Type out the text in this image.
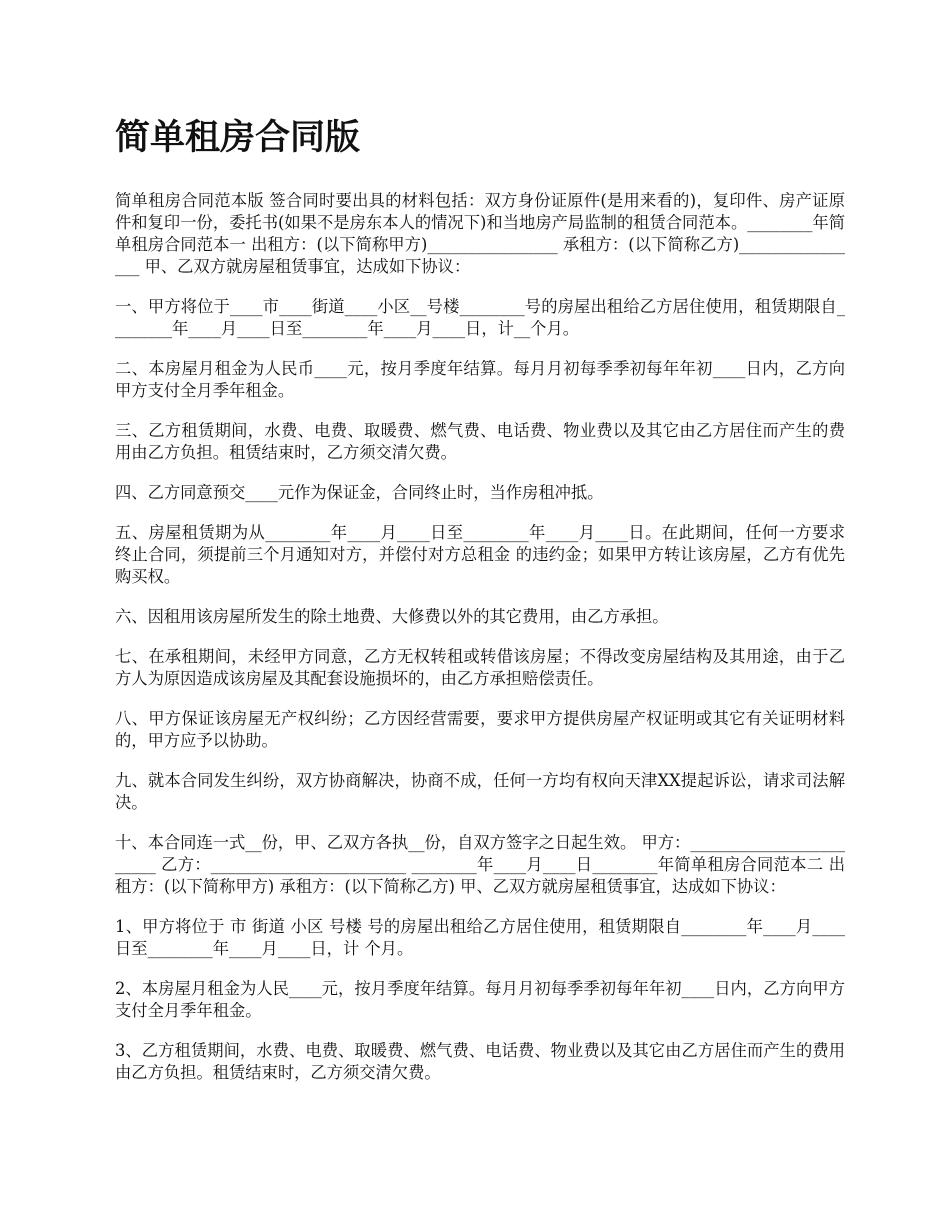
简单租房合同版

简单租房合同范本版 签合同时要出具的材料包括：双方身份证原件(是用来看的)，复印件、房产证原件和复印一份，委托书(如果不是房东本人的情况下)和当地房产局监制的租赁合同范本。________年简单租房合同范本一 出租方：(以下简称甲方)________________ 承租方：(以下简称乙方)________________ 甲、乙双方就房屋租赁事宜，达成如下协议：

一、甲方将位于____市____街道____小区__号楼________号的房屋出租给乙方居住使用，租赁期限自________年____月____日至________年____月____日，计__个月。

二、本房屋月租金为人民币____元，按月季度年结算。每月月初每季季初每年年初____日内，乙方向甲方支付全月季年租金。

三、乙方租赁期间，水费、电费、取暖费、燃气费、电话费、物业费以及其它由乙方居住而产生的费用由乙方负担。租赁结束时，乙方须交清欠费。

四、乙方同意预交____元作为保证金，合同终止时，当作房租冲抵。

五、房屋租赁期为从________年____月____日至________年____月____日。在此期间，任何一方要求终止合同，须提前三个月通知对方，并偿付对方总租金 的违约金；如果甲方转让该房屋，乙方有优先购买权。

六、因租用该房屋所发生的除土地费、大修费以外的其它费用，由乙方承担。

七、在承租期间，未经甲方同意，乙方无权转租或转借该房屋；不得改变房屋结构及其用途，由于乙方人为原因造成该房屋及其配套设施损坏的，由乙方承担赔偿责任。

八、甲方保证该房屋无产权纠纷；乙方因经营需要，要求甲方提供房屋产权证明或其它有关证明材料的，甲方应予以协助。

九、就本合同发生纠纷，双方协商解决，协商不成，任何一方均有权向天津XX提起诉讼，请求司法解决。

十、本合同连一式__份，甲、乙双方各执__份，自双方签字之日起生效。 甲方：________________________ 乙方：________________________ ________年____月____日________年简单租房合同范本二 出租方：(以下简称甲方) 承租方：(以下简称乙方) 甲、乙双方就房屋租赁事宜，达成如下协议：

1、甲方将位于 市 街道 小区 号楼 号的房屋出租给乙方居住使用，租赁期限自________年____月____日至________年____月____日，计 个月。

2、本房屋月租金为人民____元，按月季度年结算。每月月初每季季初每年年初____日内，乙方向甲方支付全月季年租金。

3、乙方租赁期间，水费、电费、取暖费、燃气费、电话费、物业费以及其它由乙方居住而产生的费用由乙方负担。租赁结束时，乙方须交清欠费。
